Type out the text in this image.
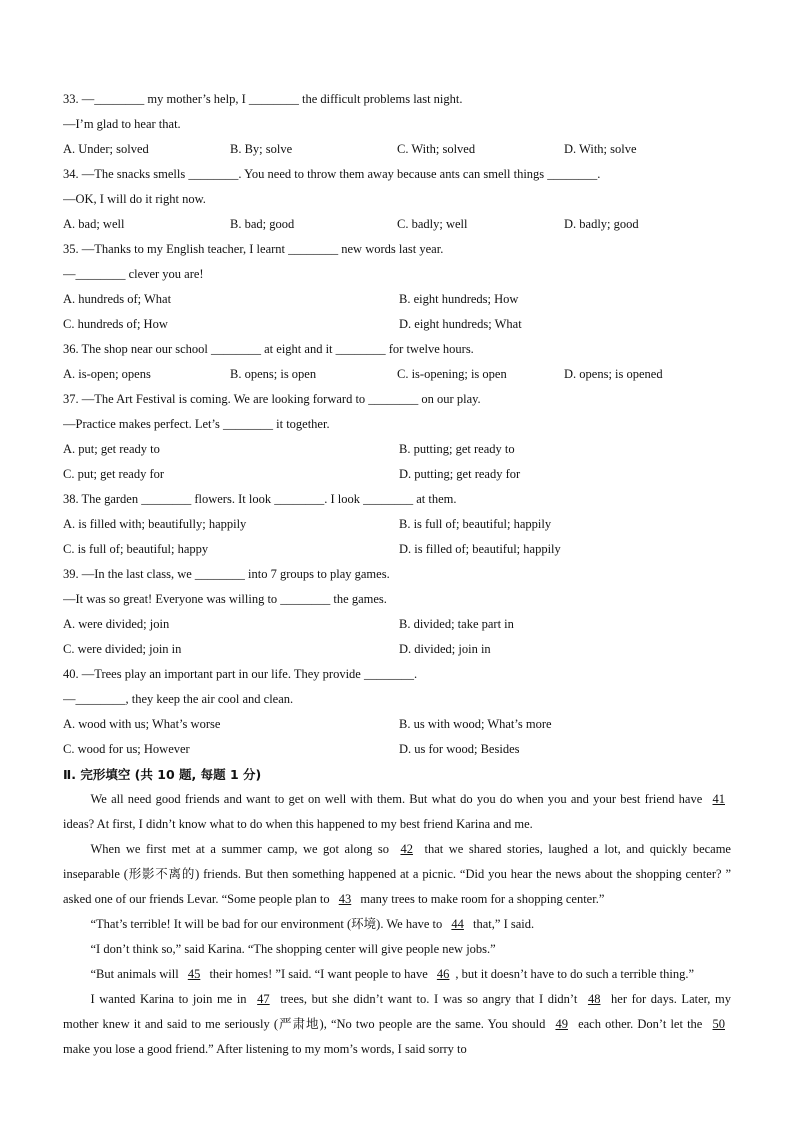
33. —________ my mother’s help, I ________ the difficult problems last night.
—I’m glad to hear that.
A. Under; solved	B. By; solve	C. With; solved	D. With; solve
34. —The snacks smells ________. You need to throw them away because ants can smell things ________.
—OK, I will do it right now.
A. bad; well	B. bad; good	C. badly; well	D. badly; good
35. —Thanks to my English teacher, I learnt ________ new words last year.
—________ clever you are!
A. hundreds of; What	B. eight hundreds; How
C. hundreds of; How	D. eight hundreds; What
36. The shop near our school ________ at eight and it ________ for twelve hours.
A. is-open; opens	B. opens; is open	C. is-opening; is open	D. opens; is opened
37. —The Art Festival is coming. We are looking forward to ________ on our play.
—Practice makes perfect. Let’s ________ it together.
A. put; get ready to	B. putting; get ready to
C. put; get ready for	D. putting; get ready for
38. The garden ________ flowers. It look ________. I look ________ at them.
A. is filled with; beautifully; happily	B. is full of; beautiful; happily
C. is full of; beautiful; happy	D. is filled of; beautiful; happily
39. —In the last class, we ________ into 7 groups to play games.
—It was so great! Everyone was willing to ________ the games.
A. were divided; join	B. divided; take part in
C. were divided; join in	D. divided; join in
40. —Trees play an important part in our life. They provide ________.
—________, they keep the air cool and clean.
A. wood with us; What’s worse	B. us with wood; What’s more
C. wood for us; However	D. us for wood; Besides
Ⅱ. 完形填空 (共 10 题, 每题 1 分)

We all need good friends and want to get on well with them. But what do you do when you and your best friend have 41 ideas? At first, I didn’t know what to do when this happened to my best friend Karina and me.

When we first met at a summer camp, we got along so 42 that we shared stories, laughed a lot, and quickly became inseparable (形影不离的) friends. But then something happened at a picnic. “Did you hear the news about the shopping center? ” asked one of our friends Levar. “Some people plan to 43 many trees to make room for a shopping center.”

“That’s terrible! It will be bad for our environment (环境). We have to 44 that,” I said.

“I don’t think so,” said Karina. “The shopping center will give people new jobs.”

“But animals will 45 their homes! ”I said. “I want people to have 46 , but it doesn’t have to do such a terrible thing.”

I wanted Karina to join me in 47 trees, but she didn’t want to. I was so angry that I didn’t 48 her for days. Later, my mother knew it and said to me seriously (严肃地), “No two people are the same. You should 49 each other. Don’t let the 50 make you lose a good friend.” After listening to my mom’s words, I said sorry to
